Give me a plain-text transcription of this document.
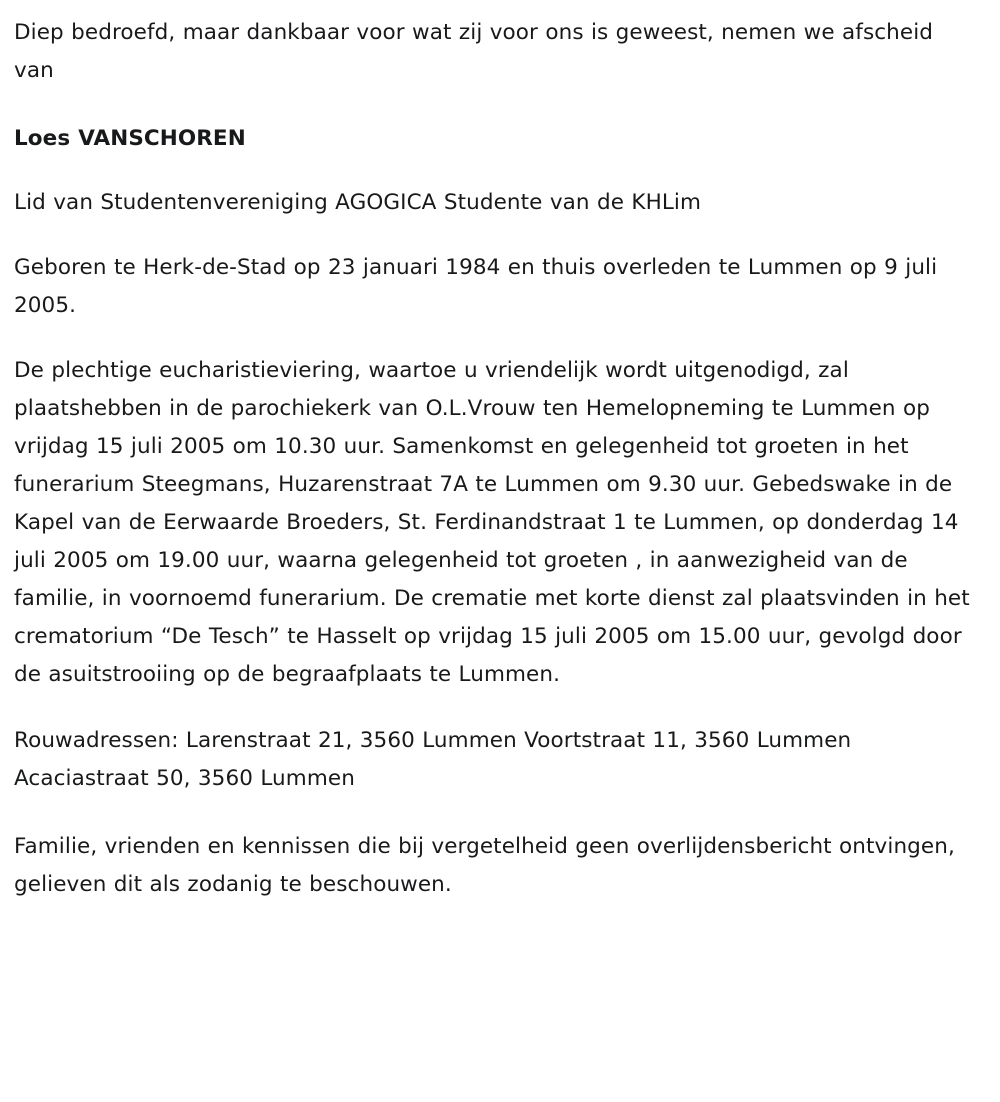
Diep bedroefd, maar dankbaar voor wat zij voor ons is geweest, nemen we afscheid van

Loes VANSCHOREN

Lid van Studentenvereniging AGOGICA Studente van de KHLim

Geboren te Herk-de-Stad op 23 januari 1984 en thuis overleden te Lummen op 9 juli 2005.

De plechtige eucharistieviering, waartoe u vriendelijk wordt uitgenodigd, zal plaatshebben in de parochiekerk van O.L.Vrouw ten Hemelopneming te Lummen op vrijdag 15 juli 2005 om 10.30 uur. Samenkomst en gelegenheid tot groeten in het funerarium Steegmans, Huzarenstraat 7A te Lummen om 9.30 uur. Gebedswake in de Kapel van de Eerwaarde Broeders, St. Ferdinandstraat 1 te Lummen, op donderdag 14 juli 2005 om 19.00 uur, waarna gelegenheid tot groeten , in aanwezigheid van de familie, in voornoemd funerarium. De crematie met korte dienst zal plaatsvinden in het crematorium “De Tesch” te Hasselt op vrijdag 15 juli 2005 om 15.00 uur, gevolgd door de asuitstrooiing op de begraafplaats te Lummen.

Rouwadressen: Larenstraat 21, 3560 Lummen Voortstraat 11, 3560 Lummen Acaciastraat 50, 3560 Lummen

Familie, vrienden en kennissen die bij vergetelheid geen overlijdensbericht ontvingen, gelieven dit als zodanig te beschouwen.
